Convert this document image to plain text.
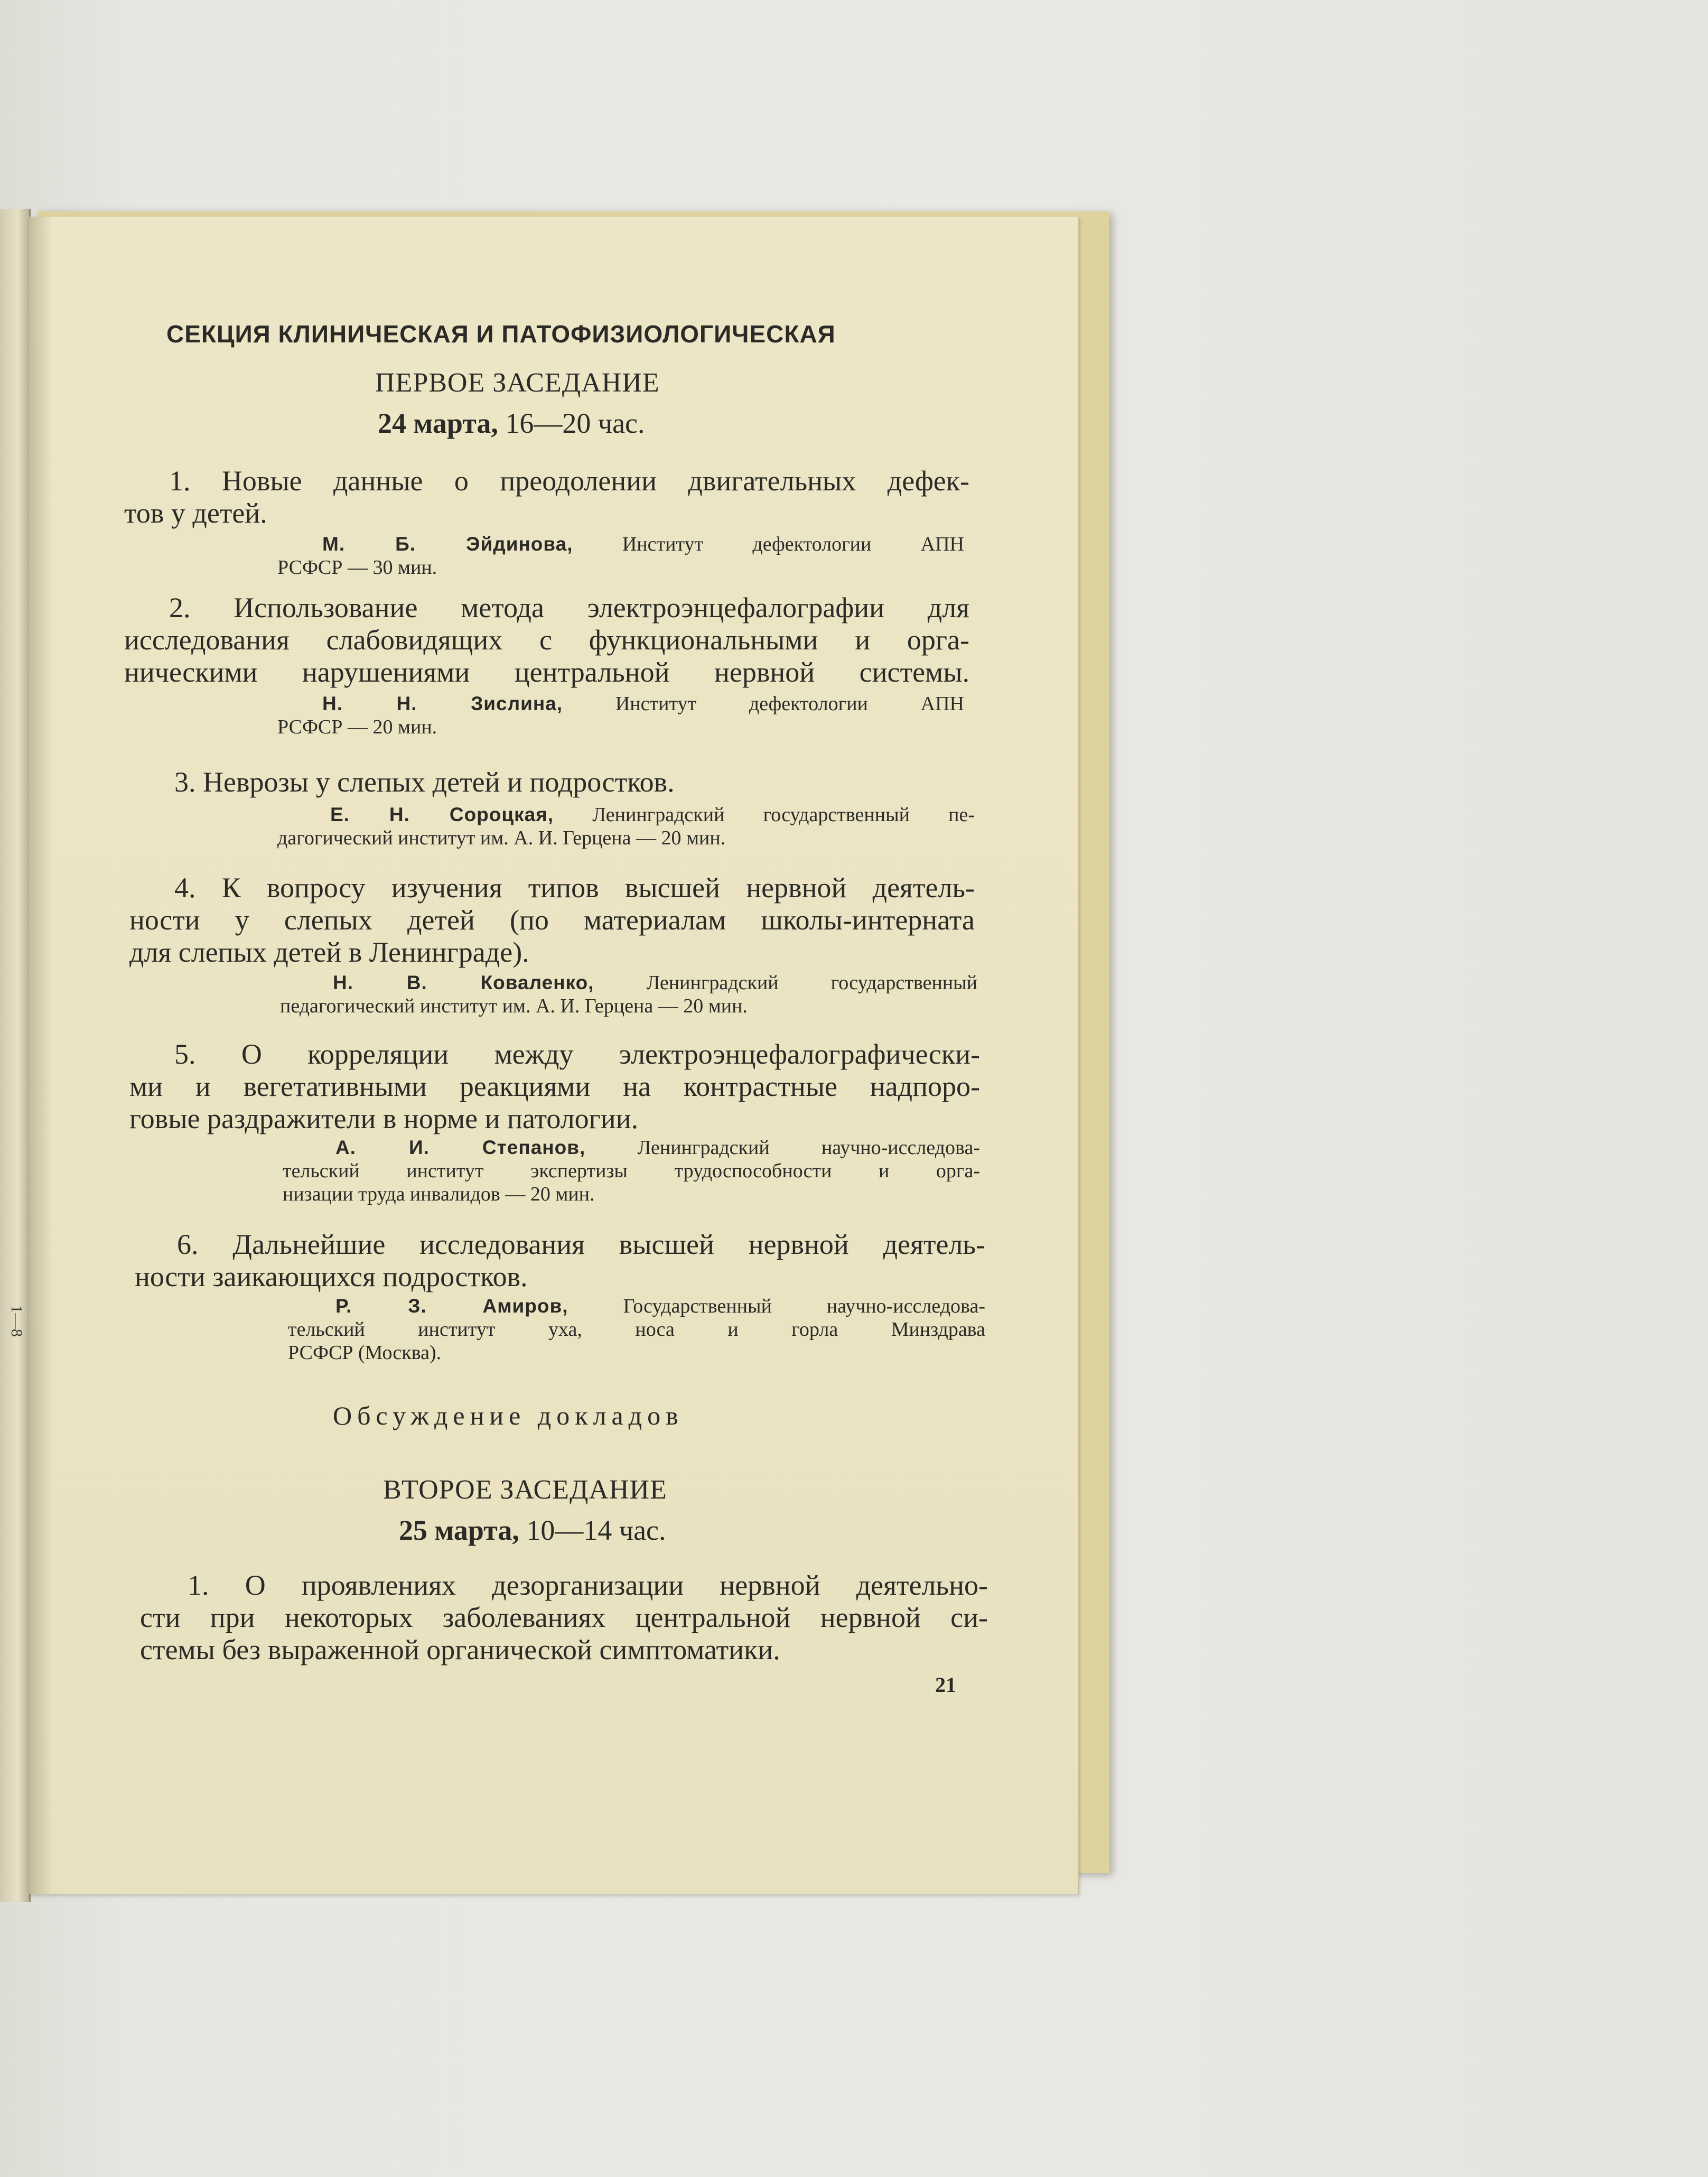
1—8
СЕКЦИЯ КЛИНИЧЕСКАЯ И ПАТОФИЗИОЛОГИЧЕСКАЯ
ПЕРВОЕ ЗАСЕДАНИЕ
24 марта, 16—20 час.
1. Новые данные о преодолении двигательных дефек-
тов у детей.
М. Б. Эйдинова, Институт дефектологии АПН
РСФСР — 30 мин.
2. Использование метода электроэнцефалографии для
исследования слабовидящих с функциональными и орга-
ническими нарушениями центральной нервной системы.
Н. Н. Зислина, Институт дефектологии АПН
РСФСР — 20 мин.
3. Неврозы у слепых детей и подростков.
Е. Н. Сороцкая, Ленинградский государственный пе-
дагогический институт им. А. И. Герцена — 20 мин.
4. К вопросу изучения типов высшей нервной деятель-
ности у слепых детей (по материалам школы-интерната
для слепых детей в Ленинграде).
Н. В. Коваленко, Ленинградский государственный
педагогический институт им. А. И. Герцена — 20 мин.
5. О корреляции между электроэнцефалографически-
ми и вегетативными реакциями на контрастные надпоро-
говые раздражители в норме и патологии.
А. И. Степанов, Ленинградский научно-исследова-
тельский институт экспертизы трудоспособности и орга-
низации труда инвалидов — 20 мин.
6. Дальнейшие исследования высшей нервной деятель-
ности заикающихся подростков.
Р. З. Амиров, Государственный научно-исследова-
тельский институт уха, носа и горла Минздрава
РСФСР (Москва).
Обсуждение докладов
ВТОРОЕ ЗАСЕДАНИЕ
25 марта, 10—14 час.
1. О проявлениях дезорганизации нервной деятельно-
сти при некоторых заболеваниях центральной нервной си-
стемы без выраженной органической симптоматики.
21
